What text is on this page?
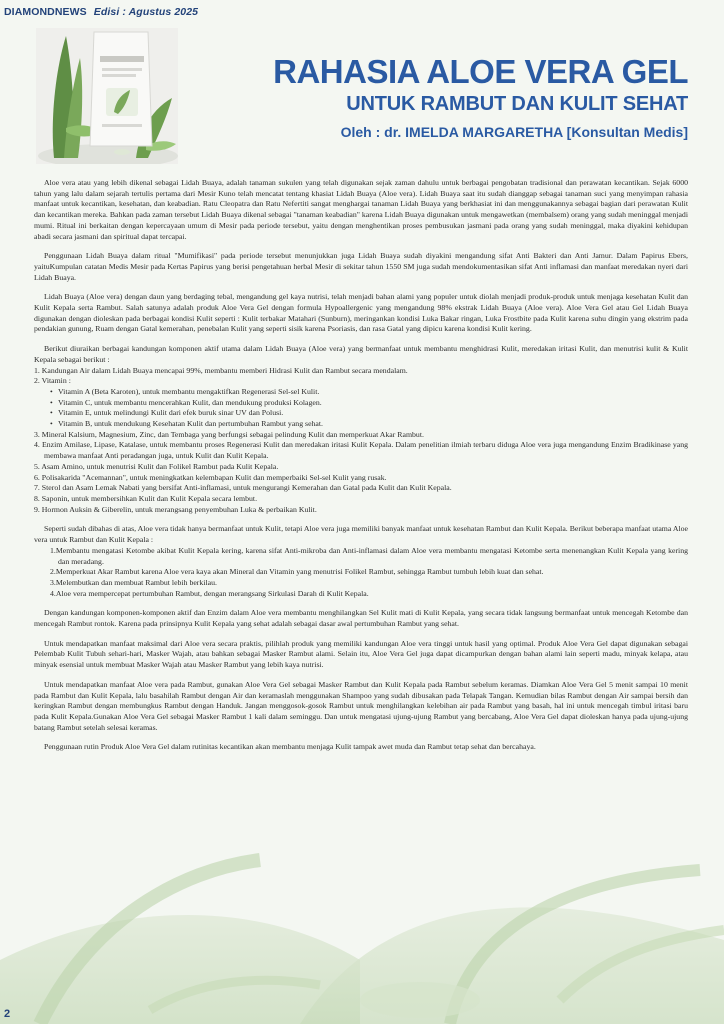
DIAMONDNEWS Edisi : Agustus 2025
RAHASIA ALOE VERA GEL
UNTUK RAMBUT DAN KULIT SEHAT
Oleh : dr. IMELDA MARGARETHA [Konsultan Medis]

Aloe vera atau yang lebih dikenal sebagai Lidah Buaya, adalah tanaman sukulen yang telah digunakan sejak zaman dahulu untuk berbagai pengobatan tradisional dan perawatan kecantikan. Sejak 6000 tahun yang lalu dalam sejarah tertulis pertama dari Mesir Kuno telah mencatat tentang khasiat Lidah Buaya (Aloe vera). Lidah Buaya saat itu sudah dianggap sebagai tanaman suci yang menyimpan rahasia manfaat untuk kecantikan, kesehatan, dan keabadian. Ratu Cleopatra dan Ratu Nefertiti sangat menghargai tanaman Lidah Buaya yang berkhasiat ini dan menggunakannya sebagai bagian dari perawatan Kulit dan kecantikan mereka. Bahkan pada zaman tersebut Lidah Buaya dikenal sebagai "tanaman keabadian" karena Lidah Buaya digunakan untuk mengawetkan (membalsem) orang yang sudah meninggal menjadi mumi. Ritual ini berkaitan dengan kepercayaan umum di Mesir pada periode tersebut, yaitu dengan menghentikan proses pembusukan jasmani pada orang yang sudah meninggal, maka diyakini kehidupan abadi secara jasmani dan spiritual dapat tercapai.

Penggunaan Lidah Buaya dalam ritual "Mumifikasi" pada periode tersebut menunjukkan juga Lidah Buaya sudah diyakini mengandung sifat Anti Bakteri dan Anti Jamur. Dalam Papirus Ebers, yaituKumpulan catatan Medis Mesir pada Kertas Papirus yang berisi pengetahuan herbal Mesir di sekitar tahun 1550 SM juga sudah mendokumentasikan sifat Anti inflamasi dan manfaat meredakan nyeri dari Lidah Buaya.

Lidah Buaya (Aloe vera) dengan daun yang berdaging tebal, mengandung gel kaya nutrisi, telah menjadi bahan alami yang populer untuk diolah menjadi produk-produk untuk menjaga kesehatan Kulit dan Kulit Kepala serta Rambut. Salah satunya adalah produk Aloe Vera Gel dengan formula Hypoallergenic yang mengandung 98% ekstrak Lidah Buaya (Aloe vera). Aloe Vera Gel atau Gel Lidah Buaya digunakan dengan dioleskan pada berbagai kondisi Kulit seperti : Kulit terbakar Matahari (Sunburn), meringankan kondisi Luka Bakar ringan, Luka Frostbite pada Kulit karena suhu dingin yang ekstrim pada pendakian gunung, Ruam dengan Gatal kemerahan, penebalan Kulit yang seperti sisik karena Psoriasis, dan rasa Gatal yang dipicu karena kondisi Kulit kering.

Berikut diuraikan berbagai kandungan komponen aktif utama dalam Lidah Buaya (Aloe vera) yang bermanfaat untuk membantu menghidrasi Kulit, meredakan iritasi Kulit, dan menutrisi kulit & Kulit Kepala sebagai berikut :

1. Kandungan Air dalam Lidah Buaya mencapai 99%, membantu memberi Hidrasi Kulit dan Rambut secara mendalam.
2. Vitamin :
• Vitamin A (Beta Karoten), untuk membantu mengaktifkan Regenerasi Sel-sel Kulit.
• Vitamin C, untuk membantu mencerahkan Kulit, dan mendukung produksi Kolagen.
• Vitamin E, untuk melindungi Kulit dari efek buruk sinar UV dan Polusi.
• Vitamin B, untuk mendukung Kesehatan Kulit dan pertumbuhan Rambut yang sehat.
3. Mineral Kalsium, Magnesium, Zinc, dan Tembaga yang berfungsi sebagai pelindung Kulit dan memperkuat Akar Rambut.
4. Enzim Amilase, Lipase, Katalase, untuk membantu proses Regenerasi Kulit dan meredakan iritasi Kulit Kepala. Dalam penelitian ilmiah terbaru diduga Aloe vera juga mengandung Enzim Bradikinase yang membawa manfaat Anti peradangan juga, untuk Kulit dan Kulit Kepala.
5. Asam Amino, untuk menutrisi Kulit dan Folikel Rambut pada Kulit Kepala.
6. Polisakarida "Acemannan", untuk meningkatkan kelembapan Kulit dan memperbaiki Sel-sel Kulit yang rusak.
7. Sterol dan Asam Lemak Nabati yang bersifat Anti-inflamasi, untuk mengurangi Kemerahan dan Gatal pada Kulit dan Kulit Kepala.
8. Saponin, untuk membersihkan Kulit dan Kulit Kepala secara lembut.
9. Hormon Auksin & Giberelin, untuk merangsang penyembuhan Luka & perbaikan Kulit.

Seperti sudah dibahas di atas, Aloe vera tidak hanya bermanfaat untuk Kulit, tetapi Aloe vera juga memiliki banyak manfaat untuk kesehatan Rambut dan Kulit Kepala. Berikut beberapa manfaat utama Aloe vera untuk Rambut dan Kulit Kepala :

1.Membantu mengatasi Ketombe akibat Kulit Kepala kering, karena sifat Anti-mikroba dan Anti-inflamasi dalam Aloe vera membantu mengatasi Ketombe serta menenangkan Kulit Kepala yang kering dan meradang.
2.Memperkuat Akar Rambut karena Aloe vera kaya akan Mineral dan Vitamin yang menutrisi Folikel Rambut, sehingga Rambut tumbuh lebih kuat dan sehat.
3.Melembutkan dan membuat Rambut lebih berkilau.
4.Aloe vera mempercepat pertumbuhan Rambut, dengan merangsang Sirkulasi Darah di Kulit Kepala.

Dengan kandungan komponen-komponen aktif dan Enzim dalam Aloe vera membantu menghilangkan Sel Kulit mati di Kulit Kepala, yang secara tidak langsung bermanfaat untuk mencegah Ketombe dan mencegah Rambut rontok. Karena pada prinsipnya Kulit Kepala yang sehat adalah sebagai dasar awal pertumbuhan Rambut yang sehat.

Untuk mendapatkan manfaat maksimal dari Aloe vera secara praktis, pilihlah produk yang memiliki kandungan Aloe vera tinggi untuk hasil yang optimal. Produk Aloe Vera Gel dapat digunakan sebagai Pelembab Kulit Tubuh sehari-hari, Masker Wajah, atau bahkan sebagai Masker Rambut alami. Selain itu, Aloe Vera Gel juga dapat dicampurkan dengan bahan alami lain seperti madu, minyak kelapa, atau minyak esensial untuk membuat Masker Wajah atau Masker Rambut yang lebih kaya nutrisi.

Untuk mendapatkan manfaat Aloe vera pada Rambut, gunakan Aloe Vera Gel sebagai Masker Rambut dan Kulit Kepala pada Rambut sebelum keramas. Diamkan Aloe Vera Gel 5 menit sampai 10 menit pada Rambut dan Kulit Kepala, lalu basahilah Rambut dengan Air dan keramaslah menggunakan Shampoo yang sudah dibusakan pada Telapak Tangan. Kemudian bilas Rambut dengan Air sampai bersih dan keringkan Rambut dengan membungkus Rambut dengan Handuk. Jangan menggosok-gosok Rambut untuk menghilangkan kelebihan air pada Rambut yang basah, hal ini untuk mencegah timbul iritasi baru pada Kulit Kepala.Gunakan Aloe Vera Gel sebagai Masker Rambut 1 kali dalam seminggu. Dan untuk mengatasi ujung-ujung Rambut yang bercabang, Aloe Vera Gel dapat dioleskan hanya pada ujung-ujung batang Rambut setelah selesai keramas.

Penggunaan rutin Produk Aloe Vera Gel dalam rutinitas kecantikan akan membantu menjaga Kulit tampak awet muda dan Rambut tetap sehat dan bercahaya.

2
